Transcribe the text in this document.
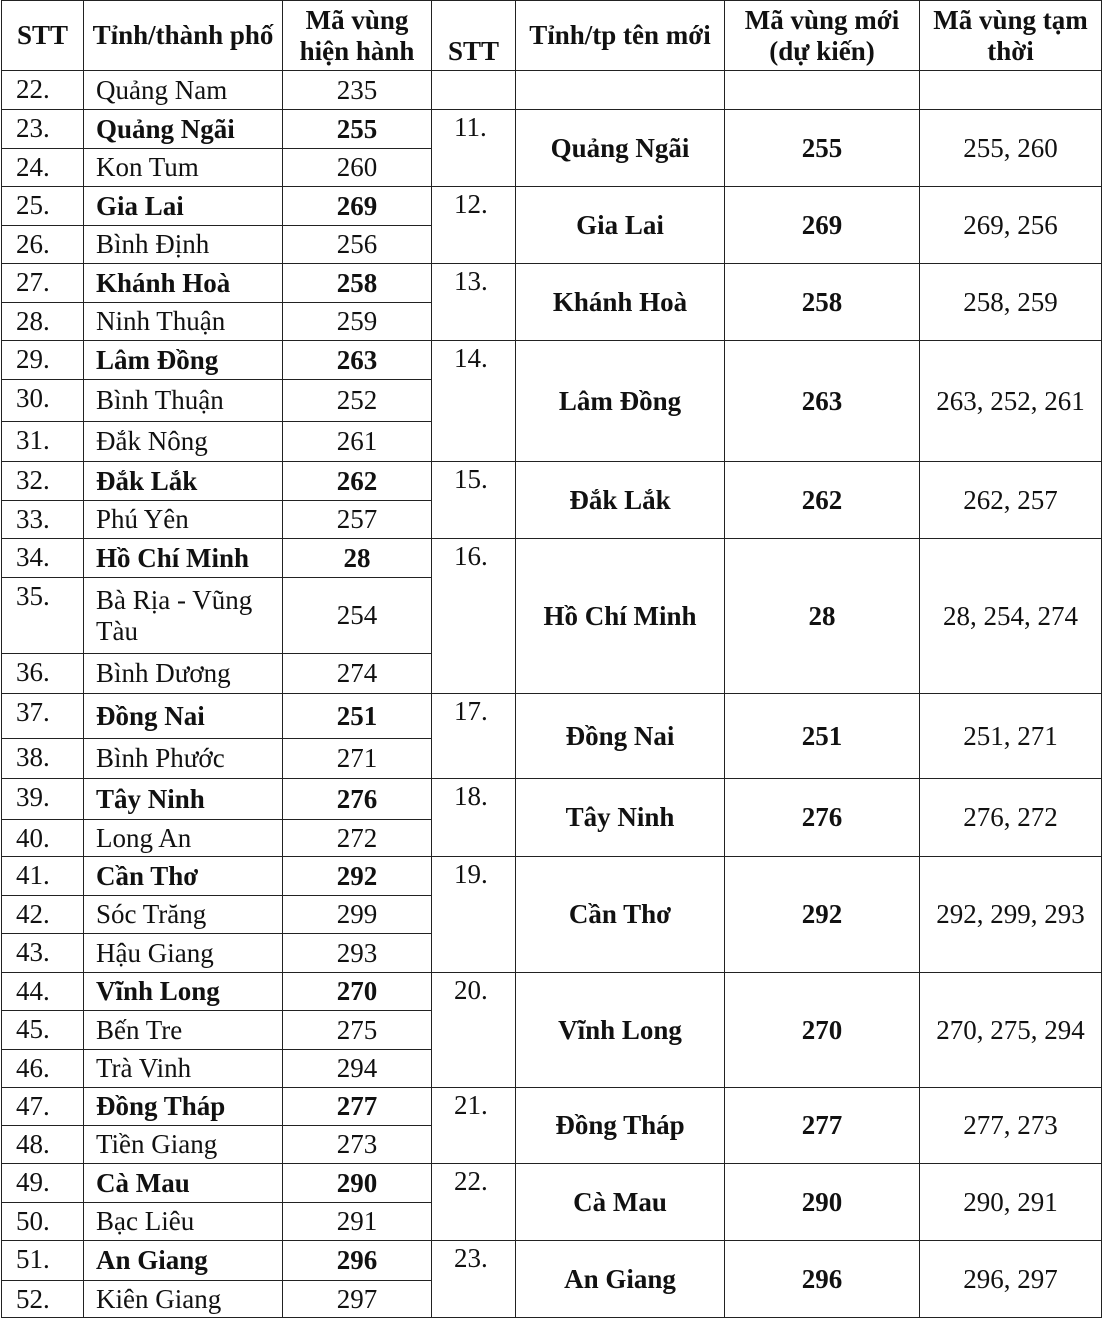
STT	Tỉnh/thành phố	Mã vùng hiện hành	STT	Tỉnh/tp tên mới	Mã vùng mới (dự kiến)	Mã vùng tạm thời
22.	Quảng Nam	235				
23.	Quảng Ngãi	255	11.	Quảng Ngãi	255	255, 260
24.	Kon Tum	260				
25.	Gia Lai	269	12.	Gia Lai	269	269, 256
26.	Bình Định	256				
27.	Khánh Hoà	258	13.	Khánh Hoà	258	258, 259
28.	Ninh Thuận	259				
29.	Lâm Đồng	263	14.	Lâm Đồng	263	263, 252, 261
30.	Bình Thuận	252				
31.	Đắk Nông	261				
32.	Đắk Lắk	262	15.	Đắk Lắk	262	262, 257
33.	Phú Yên	257				
34.	Hồ Chí Minh	28	16.	Hồ Chí Minh	28	28, 254, 274
35.	Bà Rịa - Vũng Tàu	254				
36.	Bình Dương	274				
37.	Đồng Nai	251	17.	Đồng Nai	251	251, 271
38.	Bình Phước	271				
39.	Tây Ninh	276	18.	Tây Ninh	276	276, 272
40.	Long An	272				
41.	Cần Thơ	292	19.	Cần Thơ	292	292, 299, 293
42.	Sóc Trăng	299				
43.	Hậu Giang	293				
44.	Vĩnh Long	270	20.	Vĩnh Long	270	270, 275, 294
45.	Bến Tre	275				
46.	Trà Vinh	294				
47.	Đồng Tháp	277	21.	Đồng Tháp	277	277, 273
48.	Tiền Giang	273				
49.	Cà Mau	290	22.	Cà Mau	290	290, 291
50.	Bạc Liêu	291				
51.	An Giang	296	23.	An Giang	296	296, 297
52.	Kiên Giang	297				
